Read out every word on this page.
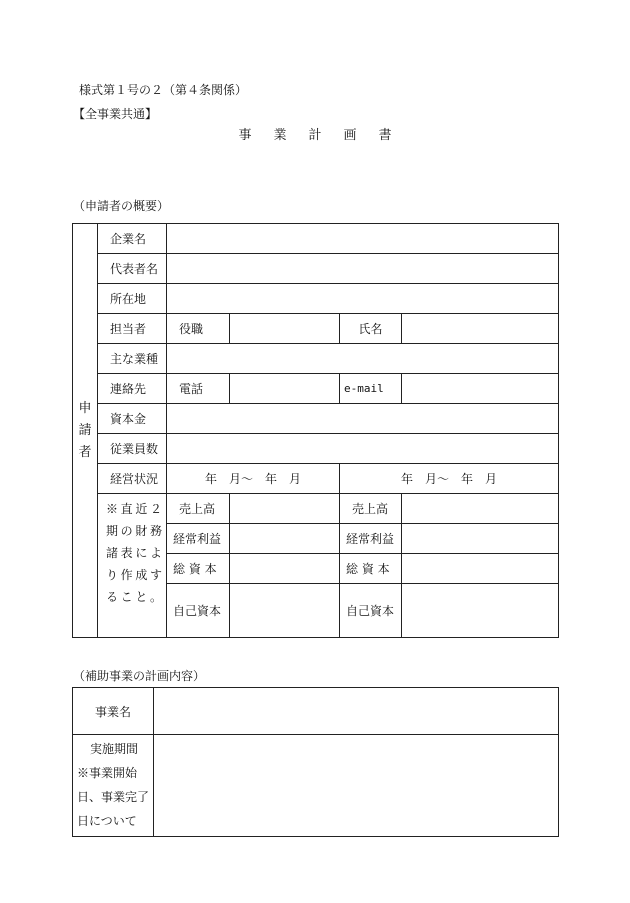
様式第１号の２（第４条関係）
【全事業共通】
事業計画書
（申請者の概要）
申
請
者	企業名				
	代表者名				
	所在地				
	担当者	役職		氏名	
	主な業種				
	連絡先	電話		e-mail	
	資本金				
	従業員数				
	経営状況	年　月～　年　月		年　月～　年　月	

	※直近２
期の財務
諸表によ
り作成す
ること。	売上高		売上高	
		経常利益		経常利益	
		総 資 本		総 資 本	
		自己資本		自己資本	

（補助事業の計画内容）
事業名	

実施期間
※事業開始
日、事業完了
日について	
